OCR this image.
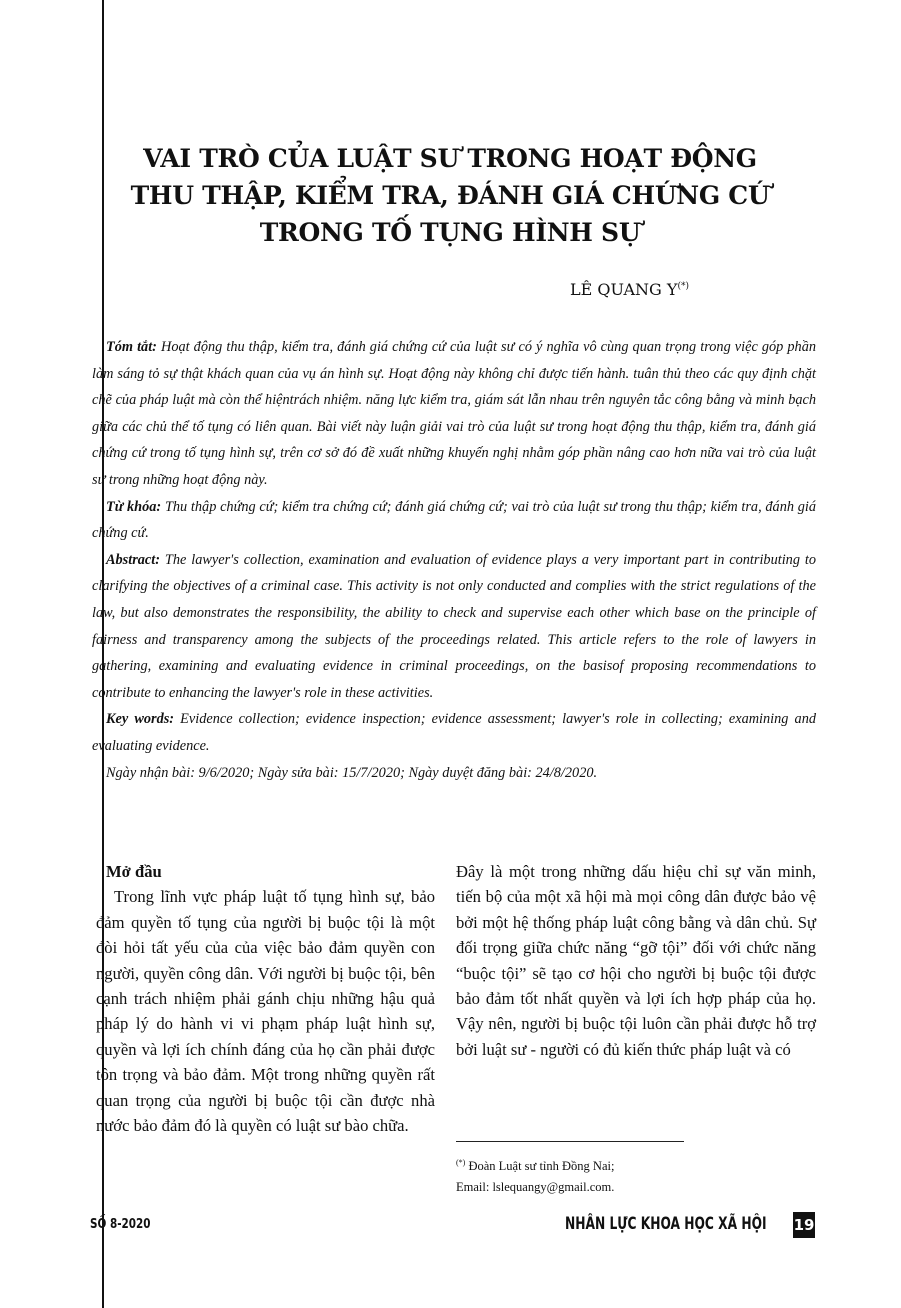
VAI TRÒ CỦA LUẬT SƯ TRONG HOẠT ĐỘNG
THU THẬP, KIỂM TRA, ĐÁNH GIÁ CHỨNG CỨ
TRONG TỐ TỤNG HÌNH SỰ
LÊ QUANG Y(*)

Tóm tắt: Hoạt động thu thập, kiểm tra, đánh giá chứng cứ của luật sư có ý nghĩa vô cùng quan trọng trong việc góp phần làm sáng tỏ sự thật khách quan của vụ án hình sự. Hoạt động này không chỉ được tiến hành. tuân thủ theo các quy định chặt chẽ của pháp luật mà còn thể hiệntrách nhiệm. năng lực kiểm tra, giám sát lẫn nhau trên nguyên tắc công bằng và minh bạch giữa các chủ thể tố tụng có liên quan. Bài viết này luận giải vai trò của luật sư trong hoạt động thu thập, kiểm tra, đánh giá chứng cứ trong tố tụng hình sự, trên cơ sở đó đề xuất những khuyến nghị nhằm góp phần nâng cao hơn nữa vai trò của luật sư trong những hoạt động này.

Từ khóa: Thu thập chứng cứ; kiểm tra chứng cứ; đánh giá chứng cứ; vai trò của luật sư trong thu thập; kiểm tra, đánh giá chứng cứ.

Abstract: The lawyer's collection, examination and evaluation of evidence plays a very important part in contributing to clarifying the objectives of a criminal case. This activity is not only conducted and complies with the strict regulations of the law, but also demonstrates the responsibility, the ability to check and supervise each other which base on the principle of fairness and transparency among the subjects of the proceedings related. This article refers to the role of lawyers in gathering, examining and evaluating evidence in criminal proceedings, on the basisof proposing recommendations to contribute to enhancing the lawyer's role in these activities.

Key words: Evidence collection; evidence inspection; evidence assessment; lawyer's role in collecting; examining and evaluating evidence.

Ngày nhận bài: 9/6/2020; Ngày sửa bài: 15/7/2020; Ngày duyệt đăng bài: 24/8/2020.

Mở đầu

Trong lĩnh vực pháp luật tố tụng hình sự, bảo đảm quyền tố tụng của người bị buộc tội là một đòi hỏi tất yếu của của việc bảo đảm quyền con người, quyền công dân. Với người bị buộc tội, bên cạnh trách nhiệm phải gánh chịu những hậu quả pháp lý do hành vi vi phạm pháp luật hình sự, quyền và lợi ích chính đáng của họ cần phải được tôn trọng và bảo đảm. Một trong những quyền rất quan trọng của người bị buộc tội cần được nhà nước bảo đảm đó là quyền có luật sư bào chữa.

Đây là một trong những dấu hiệu chỉ sự văn minh, tiến bộ của một xã hội mà mọi công dân được bảo vệ bởi một hệ thống pháp luật công bằng và dân chủ. Sự đối trọng giữa chức năng “gỡ tội” đối với chức năng “buộc tội” sẽ tạo cơ hội cho người bị buộc tội được bảo đảm tốt nhất quyền và lợi ích hợp pháp của họ. Vậy nên, người bị buộc tội luôn cần phải được hỗ trợ bởi luật sư - người có đủ kiến thức pháp luật và có

(*) Đoàn Luật sư tỉnh Đồng Nai;
Email: lslequangy@gmail.com.
SỐ 8-2020	NHÂN LỰC KHOA HỌC XÃ HỘI 19
